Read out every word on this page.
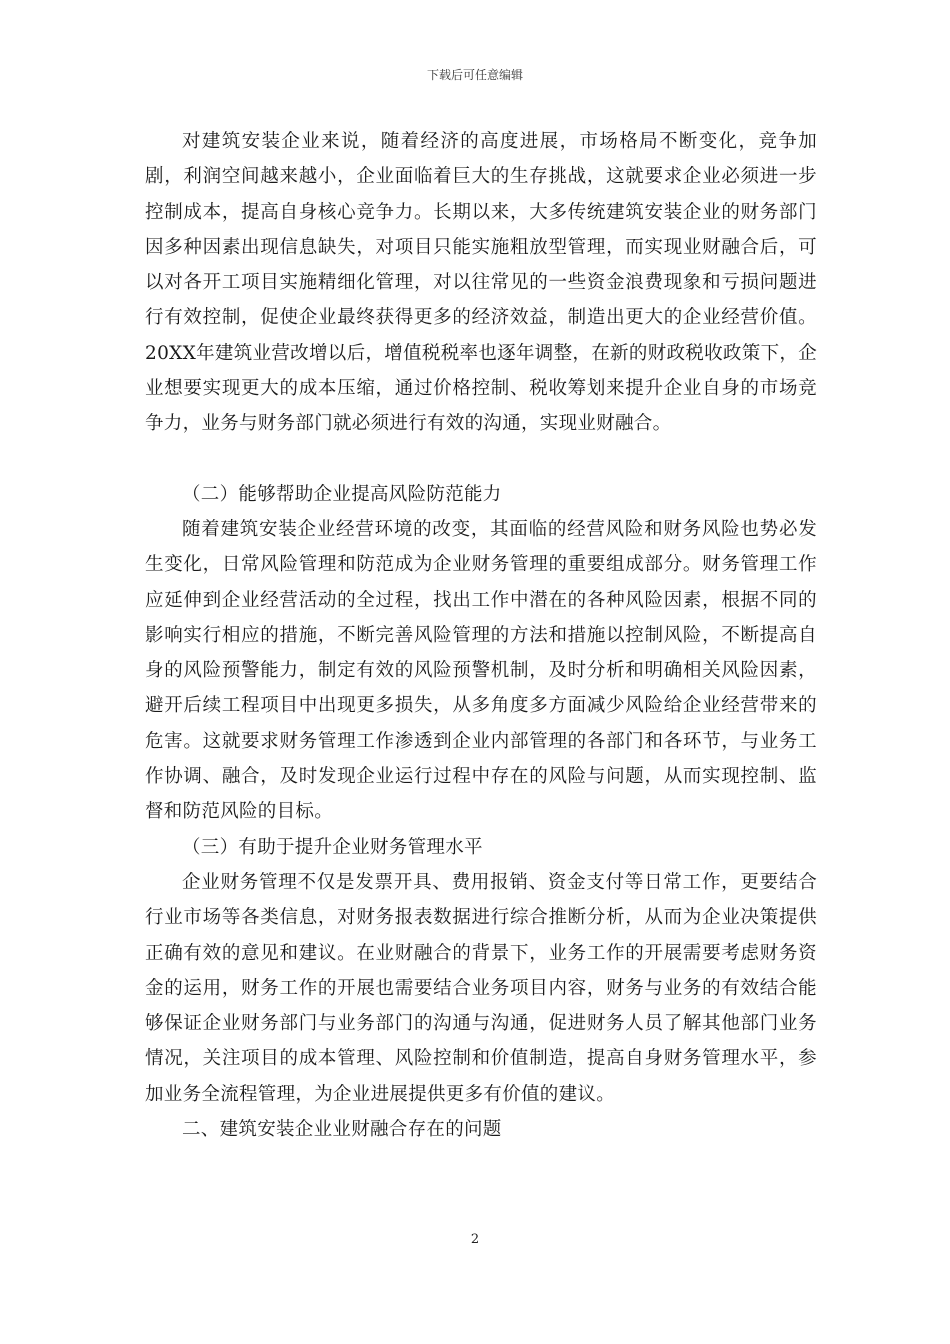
下载后可任意编辑

对建筑安装企业来说，随着经济的高度进展，市场格局不断变化，竞争加剧，利润空间越来越小，企业面临着巨大的生存挑战，这就要求企业必须进一步控制成本，提高自身核心竞争力。长期以来，大多传统建筑安装企业的财务部门因多种因素出现信息缺失，对项目只能实施粗放型管理，而实现业财融合后，可以对各开工项目实施精细化管理，对以往常见的一些资金浪费现象和亏损问题进行有效控制，促使企业最终获得更多的经济效益，制造出更大的企业经营价值。20XX年建筑业营改增以后，增值税税率也逐年调整，在新的财政税收政策下，企业想要实现更大的成本压缩，通过价格控制、税收筹划来提升企业自身的市场竞争力，业务与财务部门就必须进行有效的沟通，实现业财融合。

（二）能够帮助企业提高风险防范能力

随着建筑安装企业经营环境的改变，其面临的经营风险和财务风险也势必发生变化，日常风险管理和防范成为企业财务管理的重要组成部分。财务管理工作应延伸到企业经营活动的全过程，找出工作中潜在的各种风险因素，根据不同的影响实行相应的措施，不断完善风险管理的方法和措施以控制风险，不断提高自身的风险预警能力，制定有效的风险预警机制，及时分析和明确相关风险因素，避开后续工程项目中出现更多损失，从多角度多方面减少风险给企业经营带来的危害。这就要求财务管理工作渗透到企业内部管理的各部门和各环节，与业务工作协调、融合，及时发现企业运行过程中存在的风险与问题，从而实现控制、监督和防范风险的目标。

（三）有助于提升企业财务管理水平

企业财务管理不仅是发票开具、费用报销、资金支付等日常工作，更要结合行业市场等各类信息，对财务报表数据进行综合推断分析，从而为企业决策提供正确有效的意见和建议。在业财融合的背景下，业务工作的开展需要考虑财务资金的运用，财务工作的开展也需要结合业务项目内容，财务与业务的有效结合能够保证企业财务部门与业务部门的沟通与沟通，促进财务人员了解其他部门业务情况，关注项目的成本管理、风险控制和价值制造，提高自身财务管理水平，参加业务全流程管理，为企业进展提供更多有价值的建议。

二、建筑安装企业业财融合存在的问题

2
